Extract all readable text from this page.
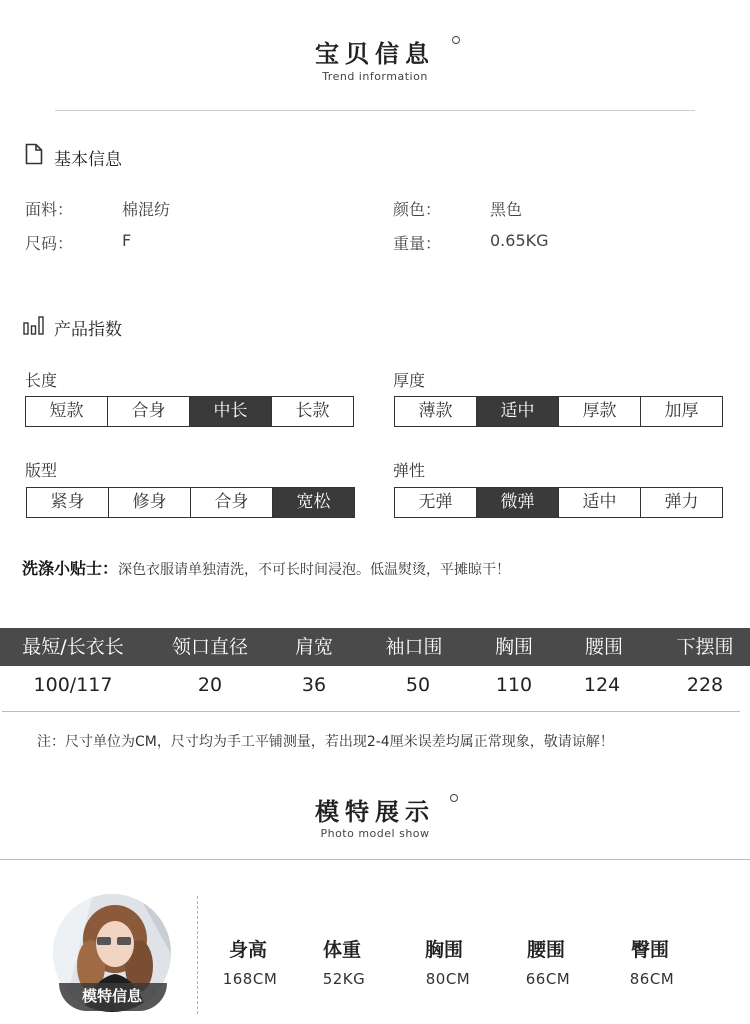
宝贝信息
Trend information
基本信息
面料：	棉混纺	颜色：	黑色
尺码：	F	重量：	0.65KG
产品指数
长度
短款	合身	中长	长款
厚度
薄款	适中	厚款	加厚
版型
紧身	修身	合身	宽松
弹性
无弹	微弹	适中	弹力
洗涤小贴士：深色衣服请单独清洗，不可长时间浸泡。低温熨烫，平摊晾干！
最短/长衣长	领口直径	肩宽	袖口围	胸围	腰围	下摆围
100/117	20	36	50	110	124	228
注：尺寸单位为CM，尺寸均为手工平铺测量，若出现2-4厘米误差均属正常现象，敬请谅解！
模特展示
Photo model show
模特信息
身高
168CM
体重
52KG
胸围
80CM
腰围
66CM
臀围
86CM
